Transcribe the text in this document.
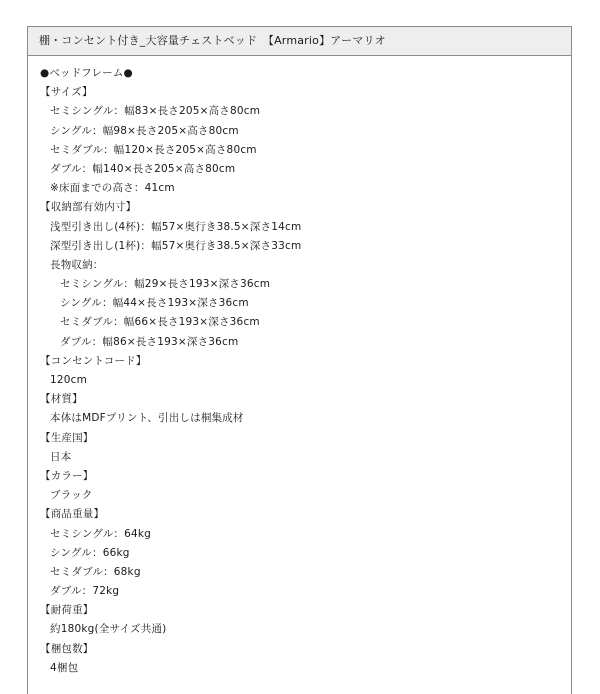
棚・コンセント付き_大容量チェストベッド　【Armario】アーマリオ
●ベッドフレーム●
【サイズ】
セミシングル：幅83×長さ205×高さ80cm
シングル：幅98×長さ205×高さ80cm
セミダブル：幅120×長さ205×高さ80cm
ダブル：幅140×長さ205×高さ80cm
※床面までの高さ：41cm
【収納部有効内寸】
浅型引き出し(4杯)：幅57×奥行き38.5×深さ14cm
深型引き出し(1杯)：幅57×奥行き38.5×深さ33cm
長物収納：
セミシングル：幅29×長さ193×深さ36cm
シングル：幅44×長さ193×深さ36cm
セミダブル：幅66×長さ193×深さ36cm
ダブル：幅86×長さ193×深さ36cm
【コンセントコード】
120cm
【材質】
本体はMDFプリント、引出しは桐集成材
【生産国】
日本
【カラー】
ブラック
【商品重量】
セミシングル：64kg
シングル：66kg
セミダブル：68kg
ダブル：72kg
【耐荷重】
約180kg(全サイズ共通)
【梱包数】
4梱包
